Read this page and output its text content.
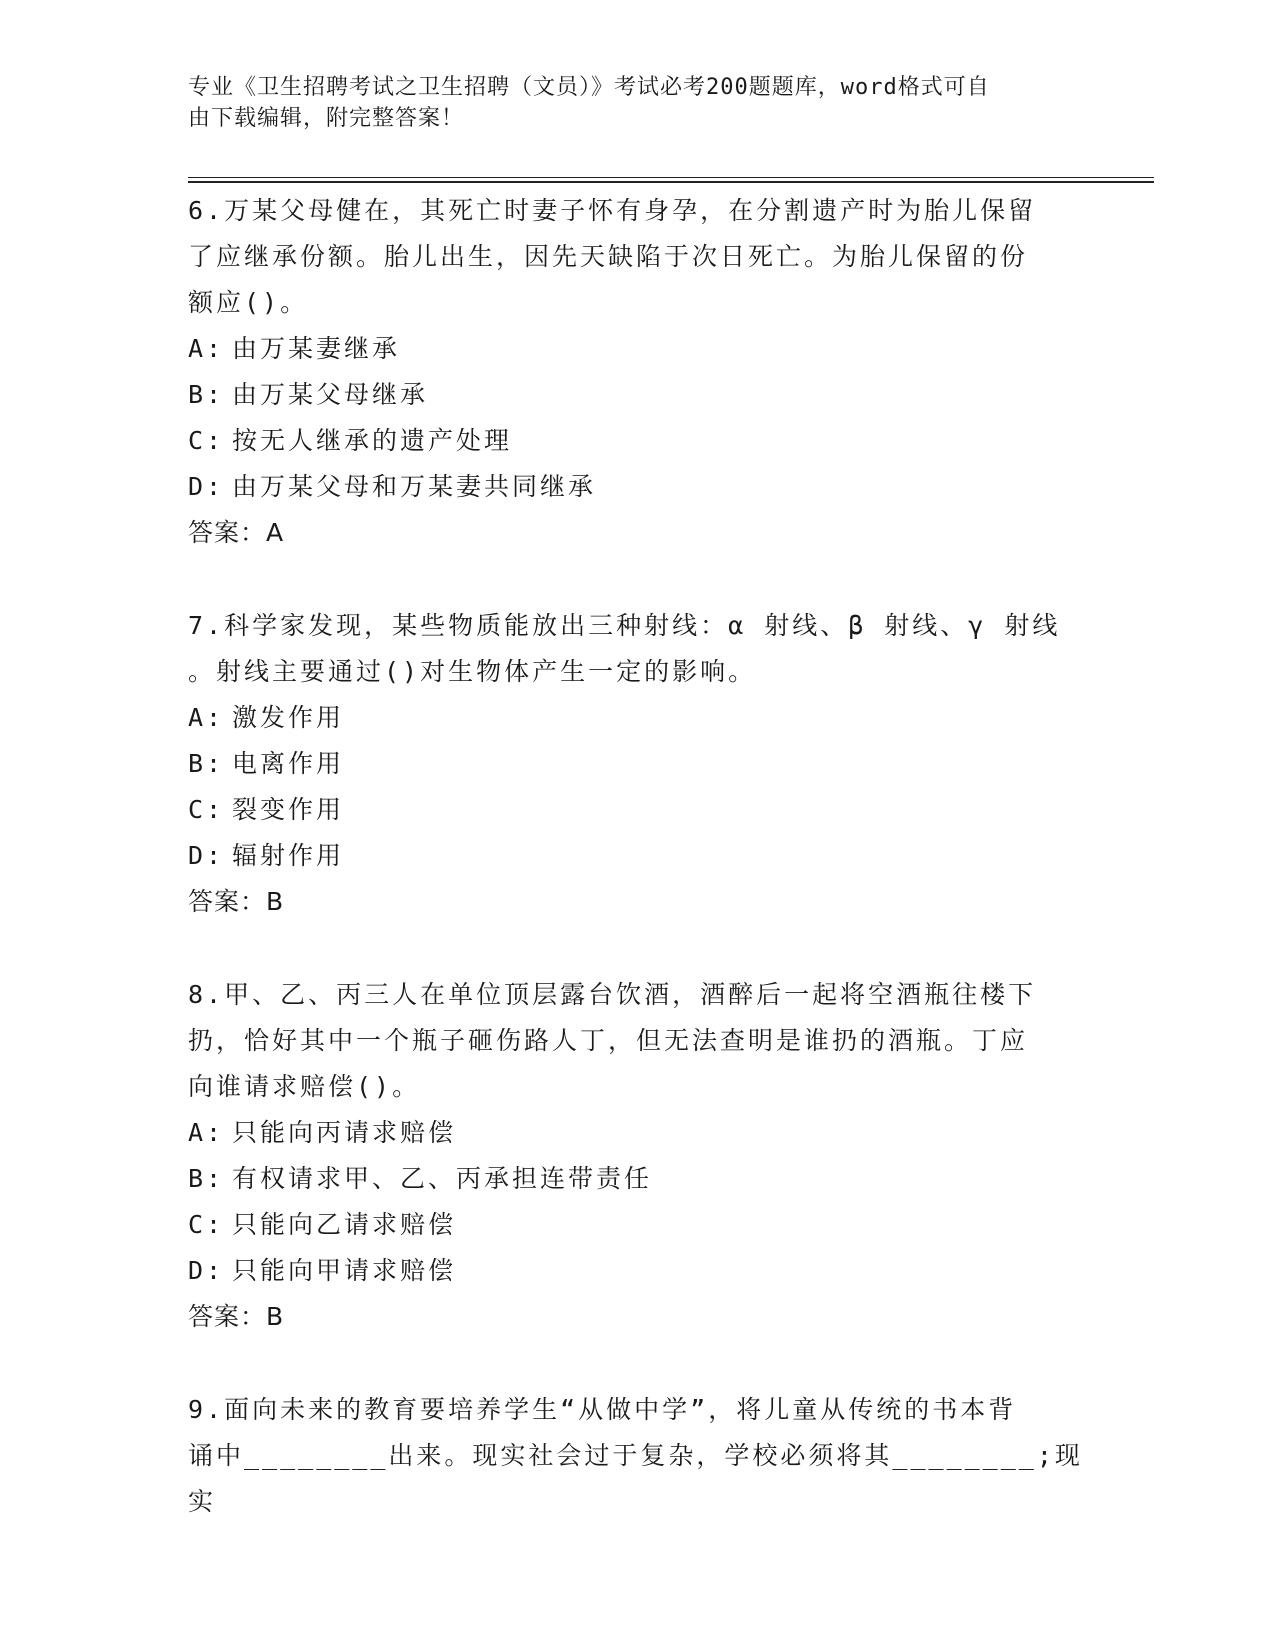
专业《卫生招聘考试之卫生招聘（文员）》考试必考200题题库，word格式可自
由下载编辑，附完整答案！
6.万某父母健在，其死亡时妻子怀有身孕，在分割遗产时为胎儿保留
了应继承份额。胎儿出生，因先天缺陷于次日死亡。为胎儿保留的份
额应()。
A: 由万某妻继承
B: 由万某父母继承
C: 按无人继承的遗产处理
D: 由万某父母和万某妻共同继承
答案：A
7.科学家发现，某些物质能放出三种射线：α 射线、β 射线、γ 射线
。射线主要通过()对生物体产生一定的影响。
A: 激发作用
B: 电离作用
C: 裂变作用
D: 辐射作用
答案：B
8.甲、乙、丙三人在单位顶层露台饮酒，酒醉后一起将空酒瓶往楼下
扔，恰好其中一个瓶子砸伤路人丁，但无法查明是谁扔的酒瓶。丁应
向谁请求赔偿()。
A: 只能向丙请求赔偿
B: 有权请求甲、乙、丙承担连带责任
C: 只能向乙请求赔偿
D: 只能向甲请求赔偿
答案：B
9.面向未来的教育要培养学生“从做中学”，将儿童从传统的书本背
诵中________出来。现实社会过于复杂，学校必须将其________;现实
